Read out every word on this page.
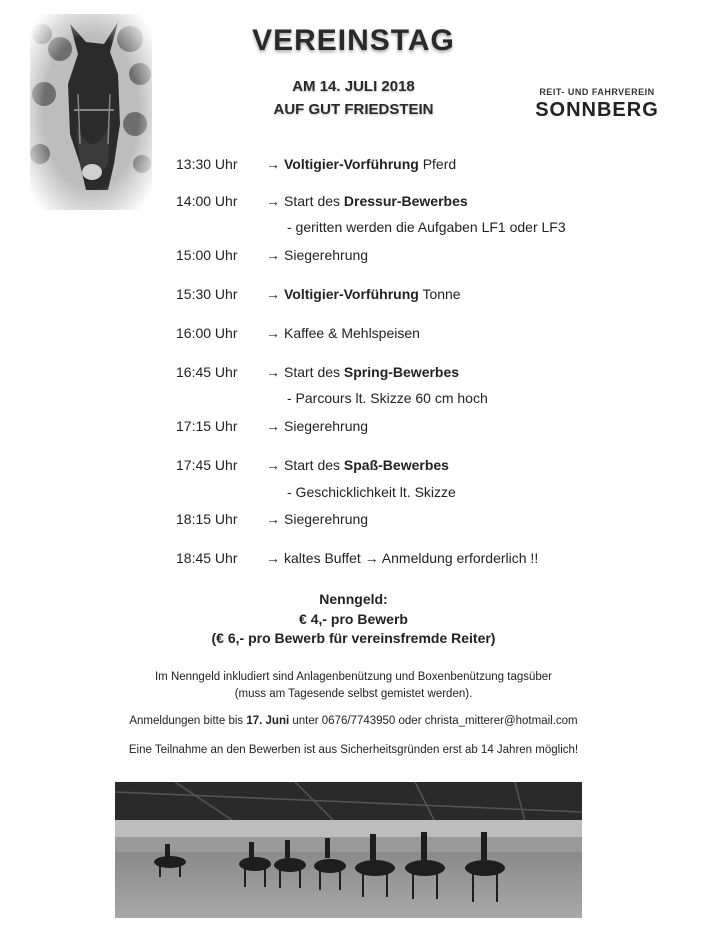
VEREINSTAG
AM 14. JULI 2018
AUF GUT FRIEDSTEIN
REIT- UND FAHRVEREIN
SONNBERG
13:30 Uhr → Voltigier-Vorführung Pferd
14:00 Uhr → Start des Dressur-Bewerbes
- geritten werden die Aufgaben LF1 oder LF3
15:00 Uhr → Siegerehrung
15:30 Uhr → Voltigier-Vorführung Tonne
16:00 Uhr → Kaffee & Mehlspeisen
16:45 Uhr → Start des Spring-Bewerbes
- Parcours lt. Skizze 60 cm hoch
17:15 Uhr → Siegerehrung
17:45 Uhr → Start des Spaß-Bewerbes
- Geschicklichkeit lt. Skizze
18:15 Uhr → Siegerehrung
18:45 Uhr → kaltes Buffet → Anmeldung erforderlich !!
Nenngeld:
€ 4,- pro Bewerb
(€ 6,- pro Bewerb für vereinsfremde Reiter)
Im Nenngeld inkludiert sind Anlagenbenützung und Boxenbenützung tagsüber
(muss am Tagesende selbst gemistet werden).
Anmeldungen bitte bis 17. Juni unter 0676/7743950 oder christa_mitterer@hotmail.com
Eine Teilnahme an den Bewerben ist aus Sicherheitsgründen erst ab 14 Jahren möglich!
